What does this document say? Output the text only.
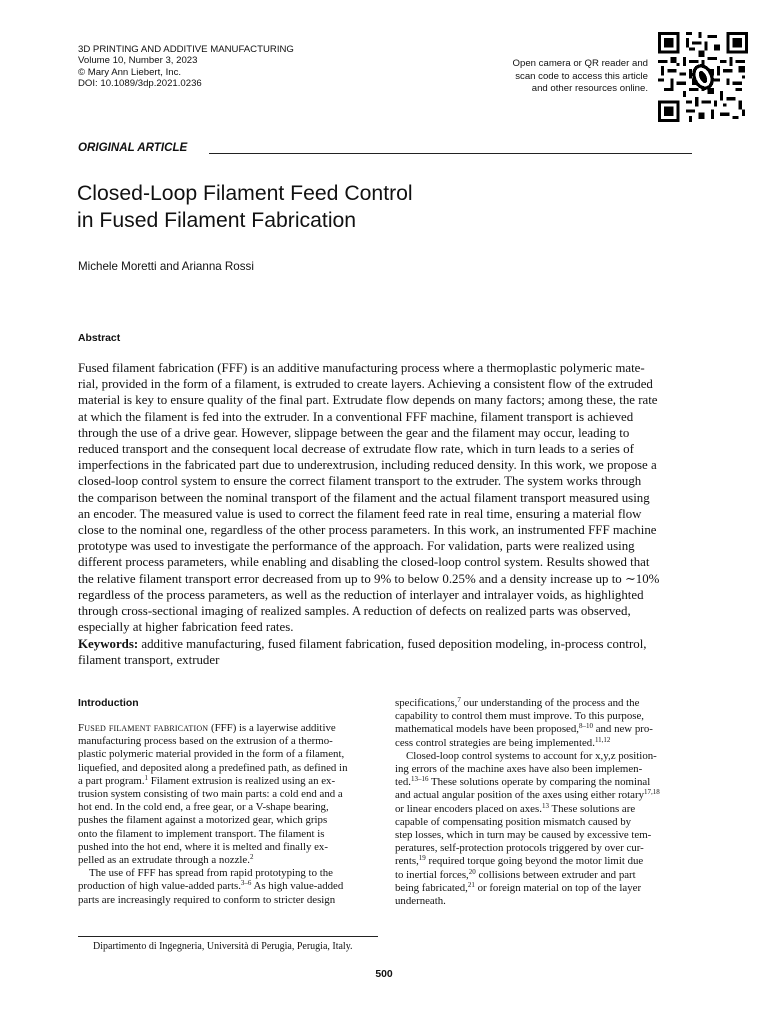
3D PRINTING AND ADDITIVE MANUFACTURING
Volume 10, Number 3, 2023
© Mary Ann Liebert, Inc.
DOI: 10.1089/3dp.2021.0236
Open camera or QR reader and
scan code to access this article
and other resources online.
ORIGINAL ARTICLE
Closed-Loop Filament Feed Control
in Fused Filament Fabrication
Michele Moretti and Arianna Rossi
Abstract
Fused filament fabrication (FFF) is an additive manufacturing process where a thermoplastic polymeric mate-
rial, provided in the form of a filament, is extruded to create layers. Achieving a consistent flow of the extruded
material is key to ensure quality of the final part. Extrudate flow depends on many factors; among these, the rate
at which the filament is fed into the extruder. In a conventional FFF machine, filament transport is achieved
through the use of a drive gear. However, slippage between the gear and the filament may occur, leading to
reduced transport and the consequent local decrease of extrudate flow rate, which in turn leads to a series of
imperfections in the fabricated part due to underextrusion, including reduced density. In this work, we propose a
closed-loop control system to ensure the correct filament transport to the extruder. The system works through
the comparison between the nominal transport of the filament and the actual filament transport measured using
an encoder. The measured value is used to correct the filament feed rate in real time, ensuring a material flow
close to the nominal one, regardless of the other process parameters. In this work, an instrumented FFF machine
prototype was used to investigate the performance of the approach. For validation, parts were realized using
different process parameters, while enabling and disabling the closed-loop control system. Results showed that
the relative filament transport error decreased from up to 9% to below 0.25% and a density increase up to ∼10%
regardless of the process parameters, as well as the reduction of interlayer and intralayer voids, as highlighted
through cross-sectional imaging of realized samples. A reduction of defects on realized parts was observed,
especially at higher fabrication feed rates.
Keywords: additive manufacturing, fused filament fabrication, fused deposition modeling, in-process control,
filament transport, extruder
Introduction
Fused filament fabrication (FFF) is a layerwise additive
manufacturing process based on the extrusion of a thermo-
plastic polymeric material provided in the form of a filament,
liquefied, and deposited along a predefined path, as defined in
a part program.$^1$ Filament extrusion is realized using an ex-
trusion system consisting of two main parts: a cold end and a
hot end. In the cold end, a free gear, or a V-shape bearing,
pushes the filament against a motorized gear, which grips
onto the filament to implement transport. The filament is
pushed into the hot end, where it is melted and finally ex-
pelled as an extrudate through a nozzle.$^2$
The use of FFF has spread from rapid prototyping to the
production of high value-added parts.$^{3-6}$ As high value-added
parts are increasingly required to conform to stricter design
specifications,$^7$ our understanding of the process and the
capability to control them must improve. To this purpose,
mathematical models have been proposed,$^{8-10}$ and new pro-
cess control strategies are being implemented.$^{11,12}$
Closed-loop control systems to account for x,y,z position-
ing errors of the machine axes have also been implemen-
ted.$^{13-16}$ These solutions operate by comparing the nominal
and actual angular position of the axes using either rotary$^{17,18}$
or linear encoders placed on axes.$^{13}$ These solutions are
capable of compensating position mismatch caused by
step losses, which in turn may be caused by excessive tem-
peratures, self-protection protocols triggered by over cur-
rents,$^{19}$ required torque going beyond the motor limit due
to inertial forces,$^{20}$ collisions between extruder and part
being fabricated,$^{21}$ or foreign material on top of the layer
underneath.
Dipartimento di Ingegneria, Università di Perugia, Perugia, Italy.
500
